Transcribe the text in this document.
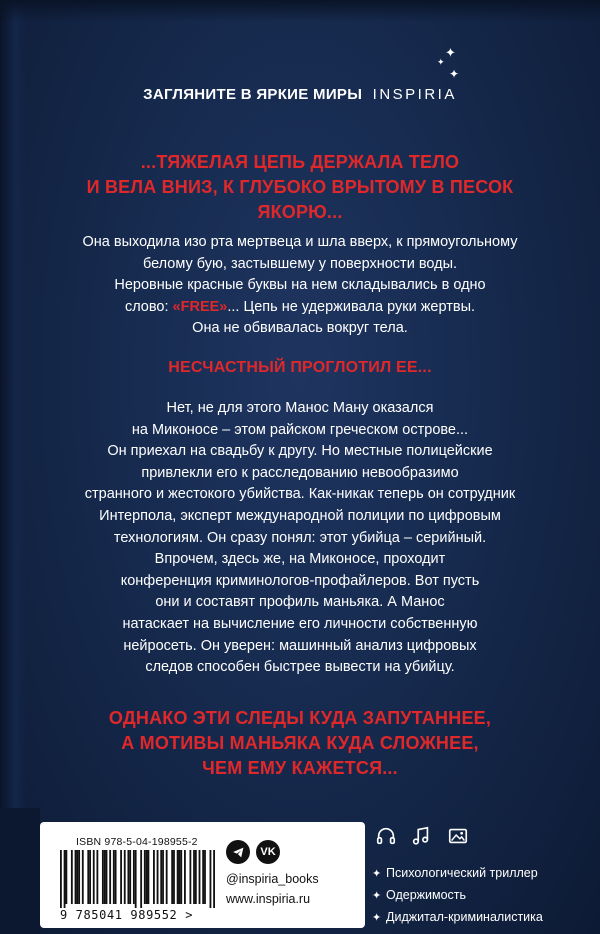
✦
✦
✦
ЗАГЛЯНИТЕ В ЯРКИЕ МИРЫ INSPIRIA
...ТЯЖЕЛАЯ ЦЕПЬ ДЕРЖАЛА ТЕЛО
И ВЕЛА ВНИЗ, К ГЛУБОКО ВРЫТОМУ В ПЕСОК
ЯКОРЮ...
Она выходила изо рта мертвеца и шла вверх, к прямоугольному
белому бую, застывшему у поверхности воды.
Неровные красные буквы на нем складывались в одно
слово: «FREE»... Цепь не удерживала руки жертвы.
Она не обвивалась вокруг тела.
НЕСЧАСТНЫЙ ПРОГЛОТИЛ ЕЕ...
Нет, не для этого Манос Ману оказался
на Миконосе – этом райском греческом острове...
Он приехал на свадьбу к другу. Но местные полицейские
привлекли его к расследованию невообразимо
странного и жестокого убийства. Как-никак теперь он сотрудник
Интерпола, эксперт международной полиции по цифровым
технологиям. Он сразу понял: этот убийца – серийный.
Впрочем, здесь же, на Миконосе, проходит
конференция криминологов-профайлеров. Вот пусть
они и составят профиль маньяка. А Манос
натаскает на вычисление его личности собственную
нейросеть. Он уверен: машинный анализ цифровых
следов способен быстрее вывести на убийцу.
ОДНАКО ЭТИ СЛЕДЫ КУДА ЗАПУТАННЕЕ,
А МОТИВЫ МАНЬЯКА КУДА СЛОЖНЕЕ,
ЧЕМ ЕМУ КАЖЕТСЯ...
ISBN 978-5-04-198955-2
9 785041 989552 >
VK
@inspiria_books
www.inspiria.ru
✦ Психологический триллер
✦ Одержимость
✦ Диджитал-криминалистика
